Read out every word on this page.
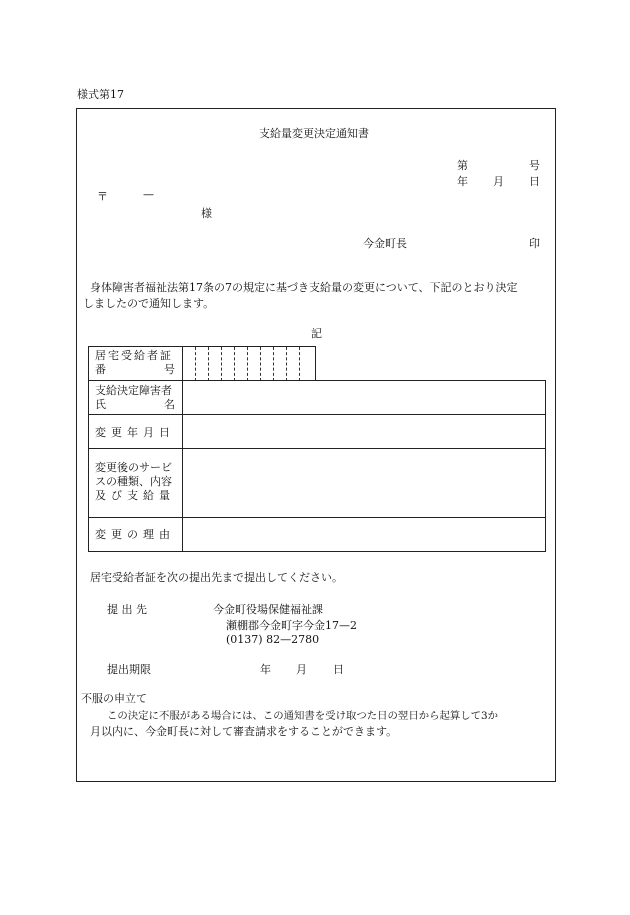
様式第17
支給量変更決定通知書
第	号
年 月 日
〒	—
様
今金町長	印
身体障害者福祉法第17条の7の規定に基づき支給量の変更について、下記のとおり決定
しましたので通知します。
記
居宅受給者証
番	号
支給決定障害者
氏	名
変更年月日
変更後のサービ
スの種類、内容
及び支給量
変更の理由
居宅受給者証を次の提出先まで提出してください。
提 出 先	今金町役場保健福祉課
瀬棚郡今金町字今金17—2
(0137) 82—2780
提出期限	年 月 日
不服の申立て
この決定に不服がある場合には、この通知書を受け取つた日の翌日から起算して3か
月以内に、今金町長に対して審査請求をすることができます。
